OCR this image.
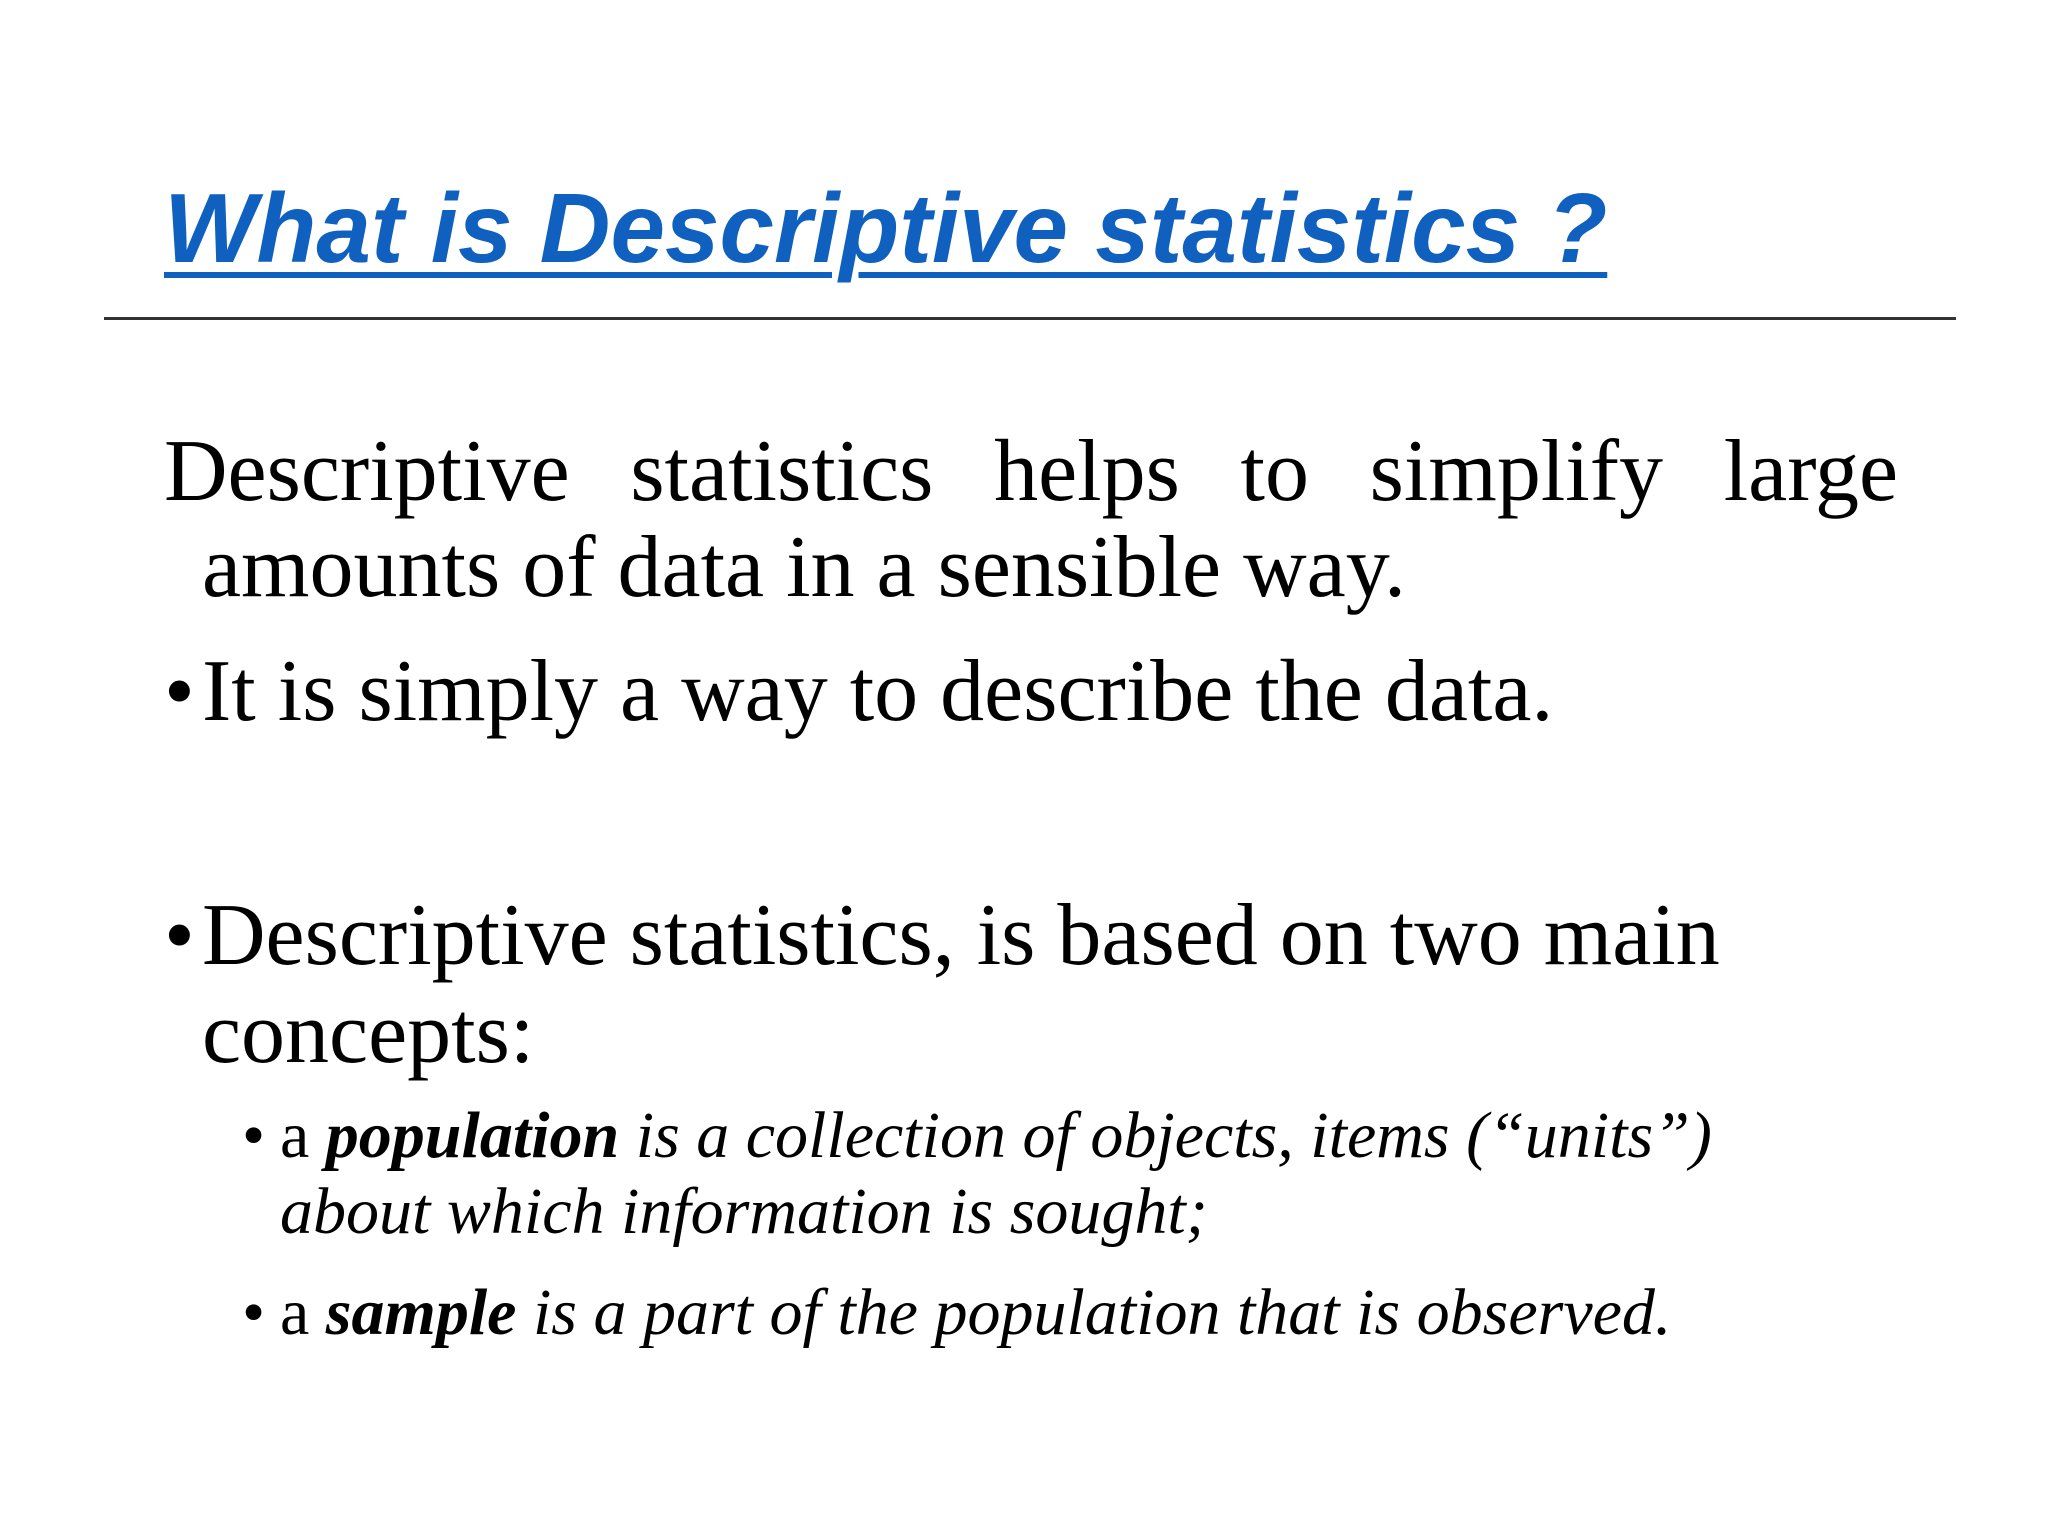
What is Descriptive statistics ?

Descriptive statistics helps to simplify large
amounts of data in a sensible way.

•It is simply a way to describe the data.

•Descriptive statistics, is based on two main
concepts:

• a population is a collection of objects, items (“units”)
about which information is sought;

• a sample is a part of the population that is observed.
